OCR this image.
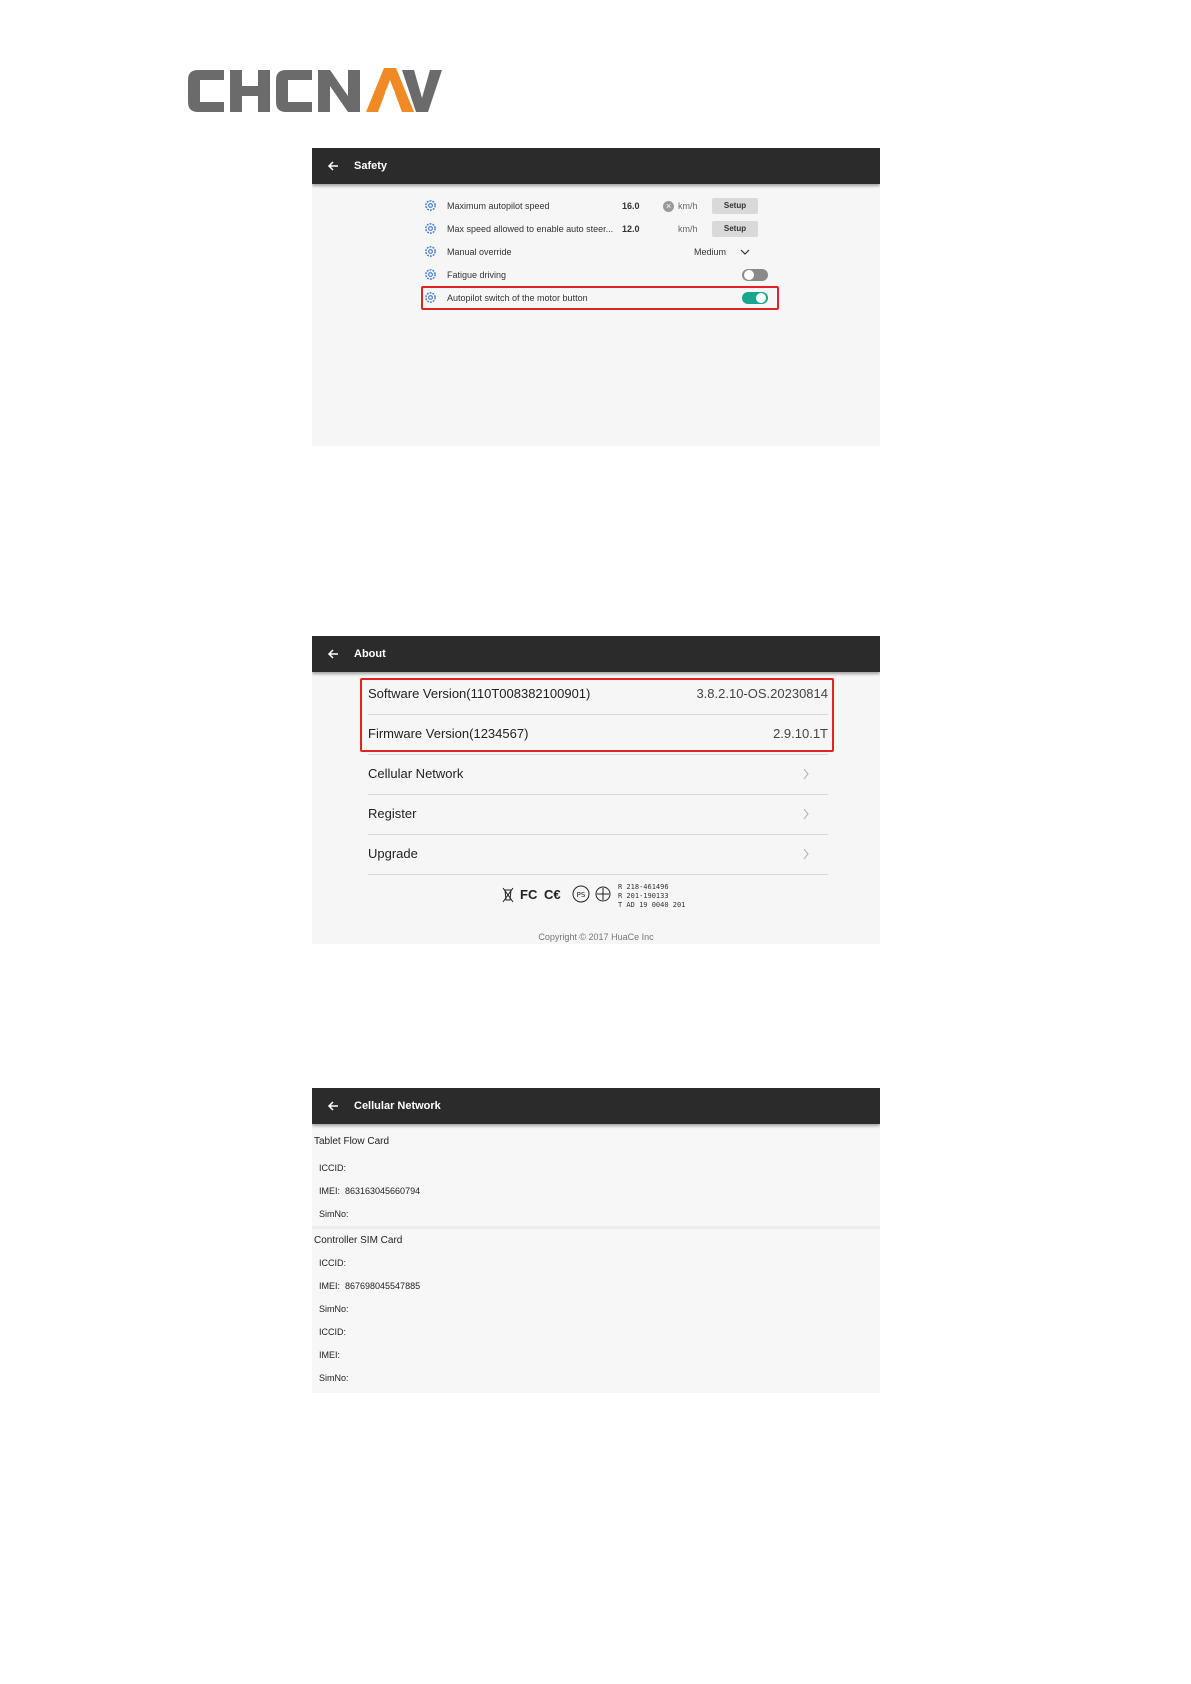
Safety
Maximum autopilot speed	16.0	× km/h	Setup
Max speed allowed to enable auto steer... 12.0	km/h	Setup
Manual override	Medium
Fatigue driving
Autopilot switch of the motor button
About
Software Version(110T008382100901)	3.8.2.10-OS.20230814
Firmware Version(1234567)	2.9.10.1T
Cellular Network
Register
Upgrade
FC C€ PS
R 218-461496
R 201-190133
T AD 19 0040 201
Copyright © 2017 HuaCe Inc
Cellular Network
Tablet Flow Card
ICCID:
IMEI:  863163045660794
SimNo:
Controller SIM Card
ICCID:
IMEI:  867698045547885
SimNo:
ICCID:
IMEI:
SimNo:
